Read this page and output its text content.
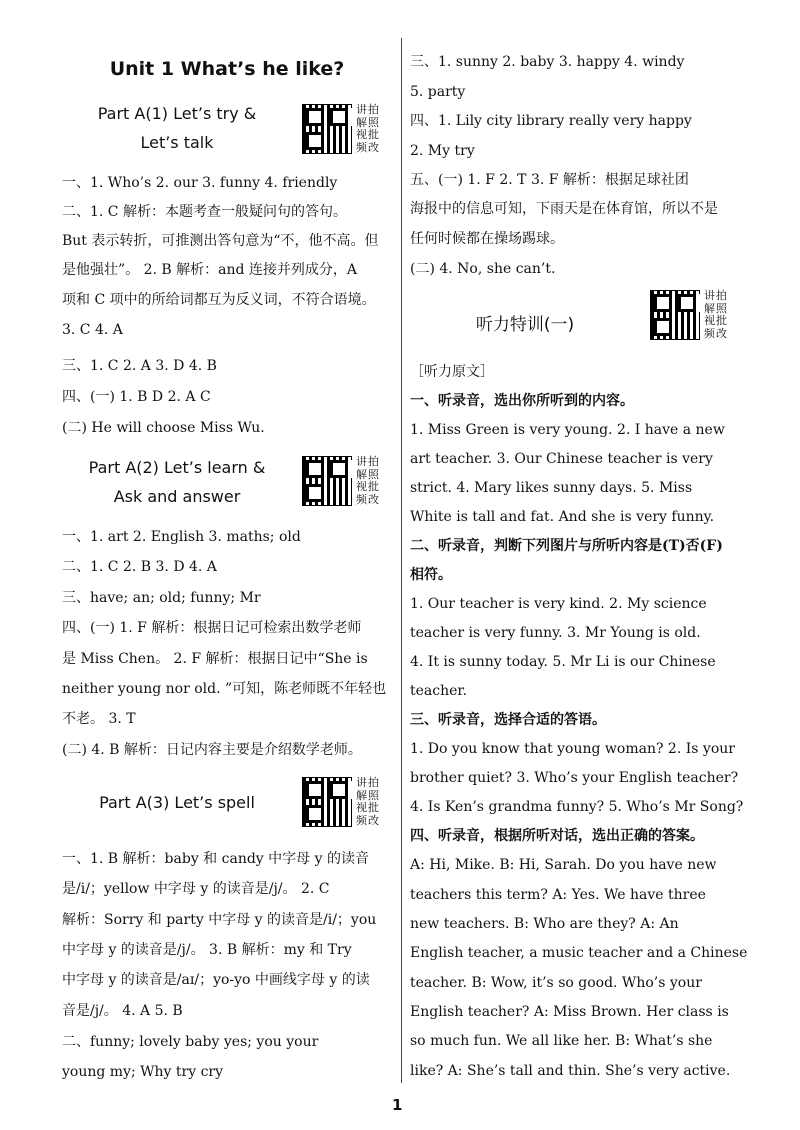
Unit 1 What’s he like?
Part A(1) Let’s try &
Let’s talk
讲拍
解照
视批
频改
一、1. Who’s 2. our 3. funny 4. friendly
二、1. C 解析：本题考查一般疑问句的答句。
But 表示转折，可推测出答句意为“不，他不高。但
是他强壮”。 2. B 解析：and 连接并列成分，A
项和 C 项中的所给词都互为反义词，不符合语境。
3. C 4. A
三、1. C 2. A 3. D 4. B
四、(一) 1. B D 2. A C
(二) He will choose Miss Wu.
Part A(2) Let’s learn &
Ask and answer
讲拍
解照
视批
频改
一、1. art 2. English 3. maths; old
二、1. C 2. B 3. D 4. A
三、have; an; old; funny; Mr
四、(一) 1. F 解析：根据日记可检索出数学老师
是 Miss Chen。 2. F 解析：根据日记中“She is
neither young nor old. ”可知，陈老师既不年轻也
不老。 3. T
(二) 4. B 解析：日记内容主要是介绍数学老师。
Part A(3) Let’s spell
讲拍
解照
视批
频改
一、1. B 解析：baby 和 candy 中字母 y 的读音
是/i/；yellow 中字母 y 的读音是/j/。 2. C
解析：Sorry 和 party 中字母 y 的读音是/i/；you
中字母 y 的读音是/j/。 3. B 解析：my 和 Try
中字母 y 的读音是/aɪ/；yo-yo 中画线字母 y 的读
音是/j/。 4. A 5. B
二、funny; lovely baby yes; you your
young my; Why try cry
三、1. sunny 2. baby 3. happy 4. windy
5. party
四、1. Lily city library really very happy
2. My try
五、(一) 1. F 2. T 3. F 解析：根据足球社团
海报中的信息可知，下雨天是在体育馆，所以不是
任何时候都在操场踢球。
(二) 4. No, she can’t.
听力特训(一)
讲拍
解照
视批
频改
［听力原文］
一、听录音，选出你所听到的内容。
1. Miss Green is very young. 2. I have a new
art teacher. 3. Our Chinese teacher is very
strict. 4. Mary likes sunny days. 5. Miss
White is tall and fat. And she is very funny.
二、听录音，判断下列图片与所听内容是(T)否(F)
相符。
1. Our teacher is very kind. 2. My science
teacher is very funny. 3. Mr Young is old.
4. It is sunny today. 5. Mr Li is our Chinese
teacher.
三、听录音，选择合适的答语。
1. Do you know that young woman? 2. Is your
brother quiet? 3. Who’s your English teacher?
4. Is Ken’s grandma funny? 5. Who’s Mr Song?
四、听录音，根据所听对话，选出正确的答案。
A: Hi, Mike. B: Hi, Sarah. Do you have new
teachers this term? A: Yes. We have three
new teachers. B: Who are they? A: An
English teacher, a music teacher and a Chinese
teacher. B: Wow, it’s so good. Who’s your
English teacher? A: Miss Brown. Her class is
so much fun. We all like her. B: What’s she
like? A: She’s tall and thin. She’s very active.
1
